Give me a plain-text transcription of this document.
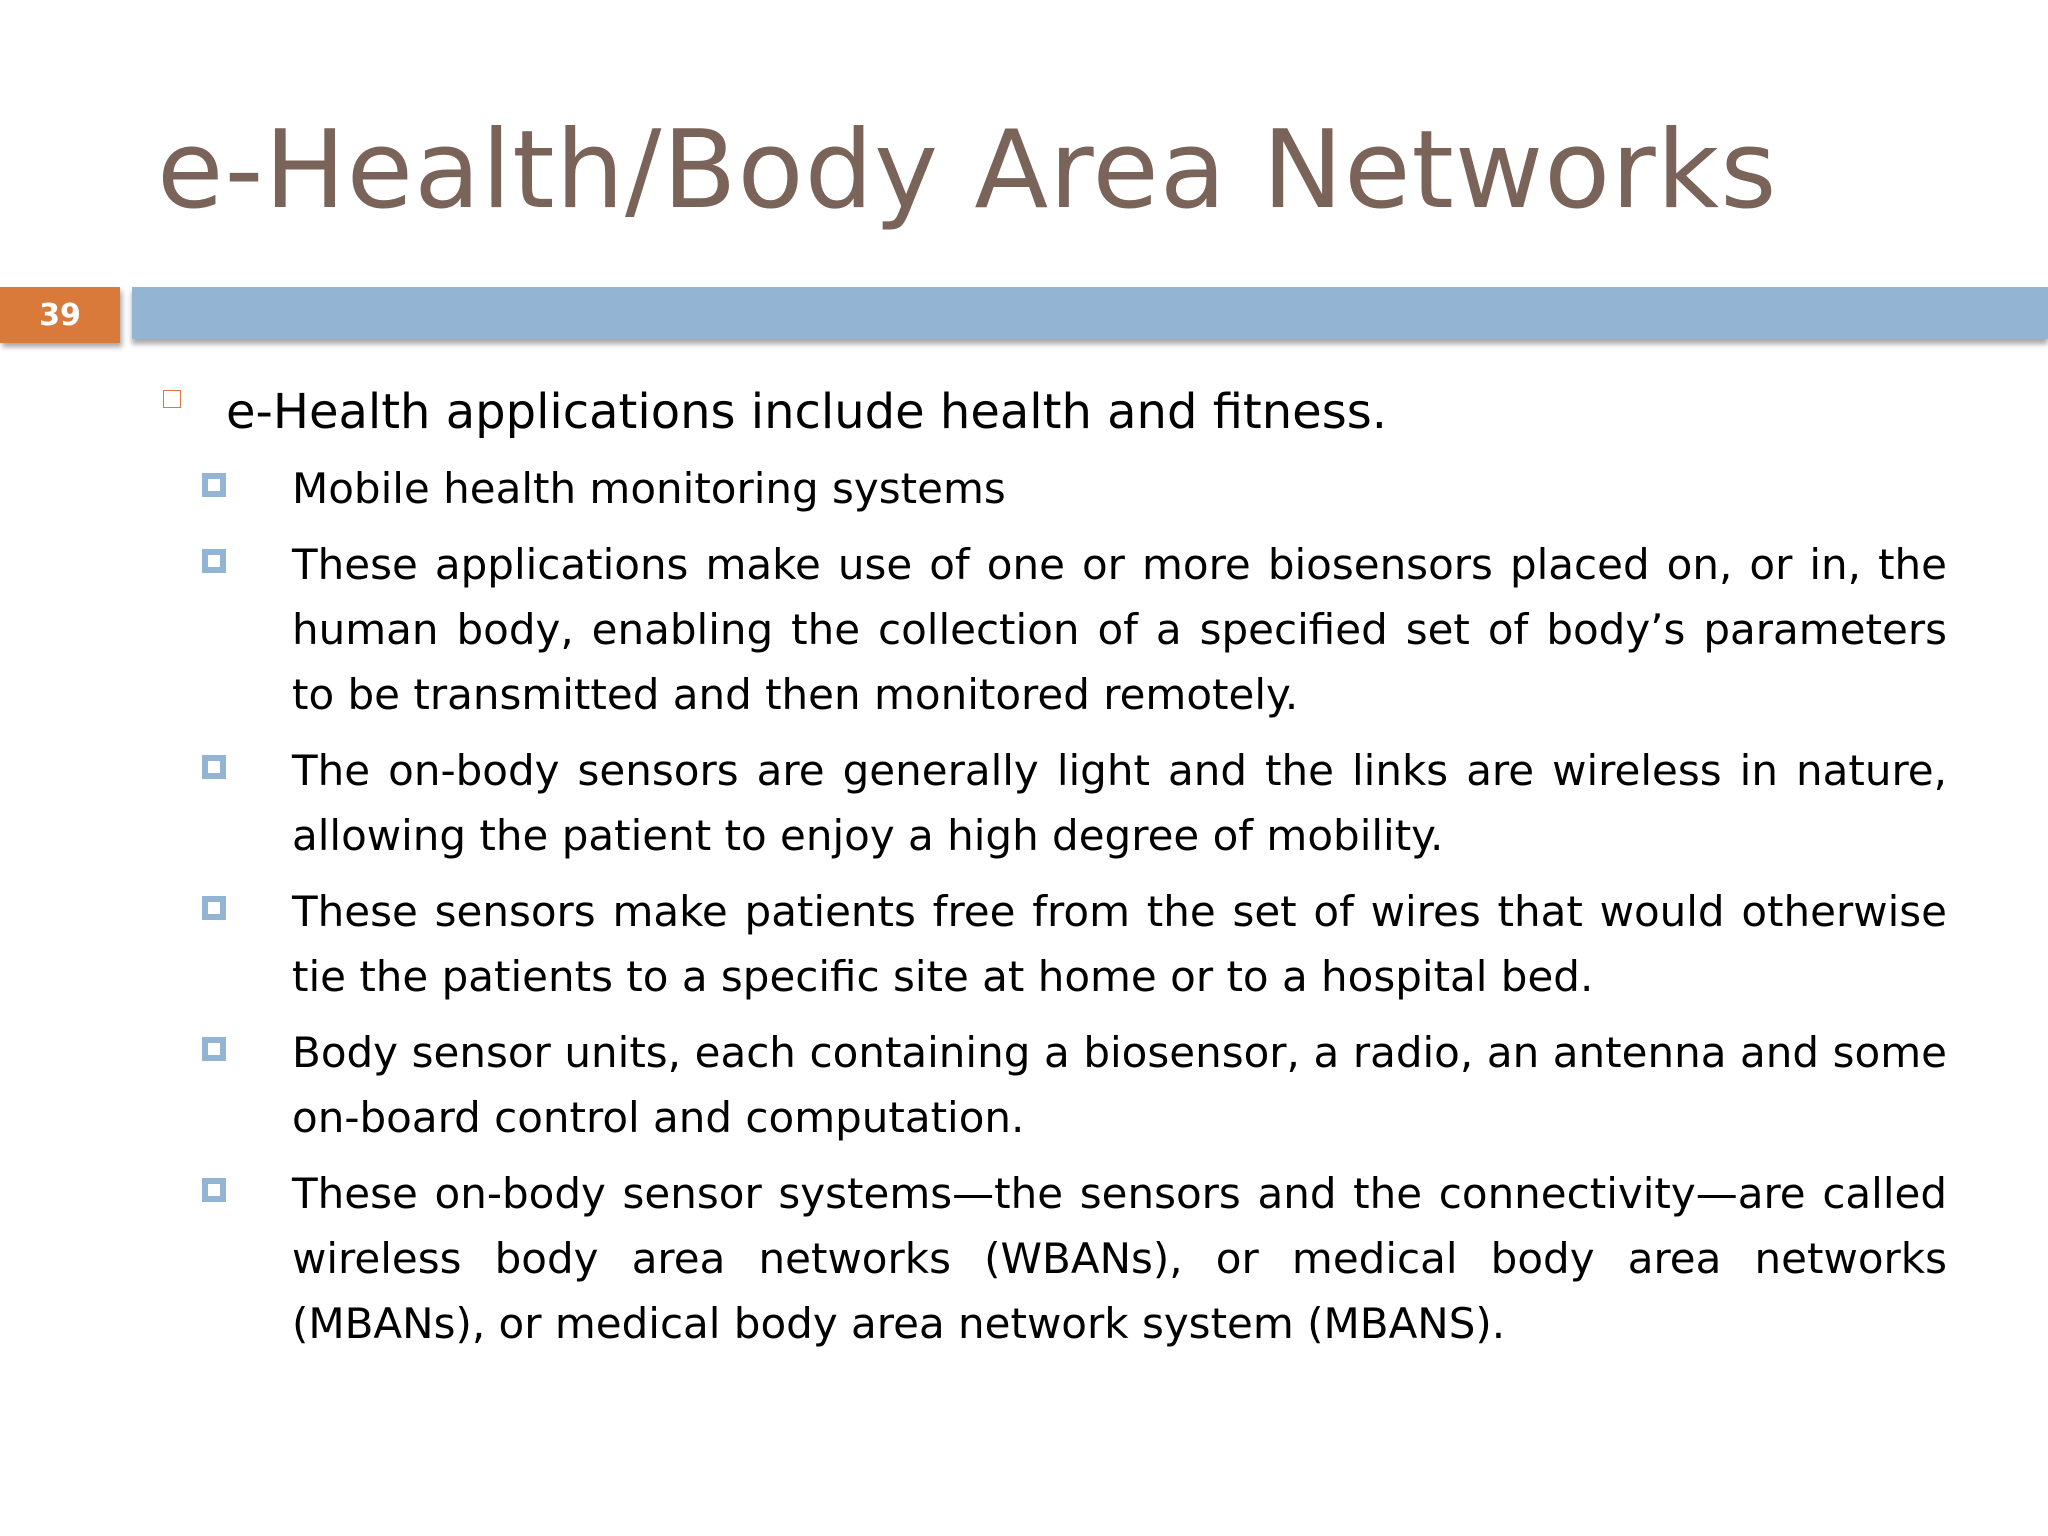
e-Health/Body Area Networks
39
e-Health applications include health and fitness.
Mobile health monitoring systems
These applications make use of one or more biosensors placed on, or in, the human body, enabling the collection of a specified set of body’s parameters to be transmitted and then monitored remotely.
The on-body sensors are generally light and the links are wireless in nature, allowing the patient to enjoy a high degree of mobility.
These sensors make patients free from the set of wires that would otherwise tie the patients to a specific site at home or to a hospital bed.
Body sensor units, each containing a biosensor, a radio, an antenna and some on-board control and computation.
These on-body sensor systems—the sensors and the connectivity—are called wireless body area networks (WBANs), or medical body area networks (MBANs), or medical body area network system (MBANS).
